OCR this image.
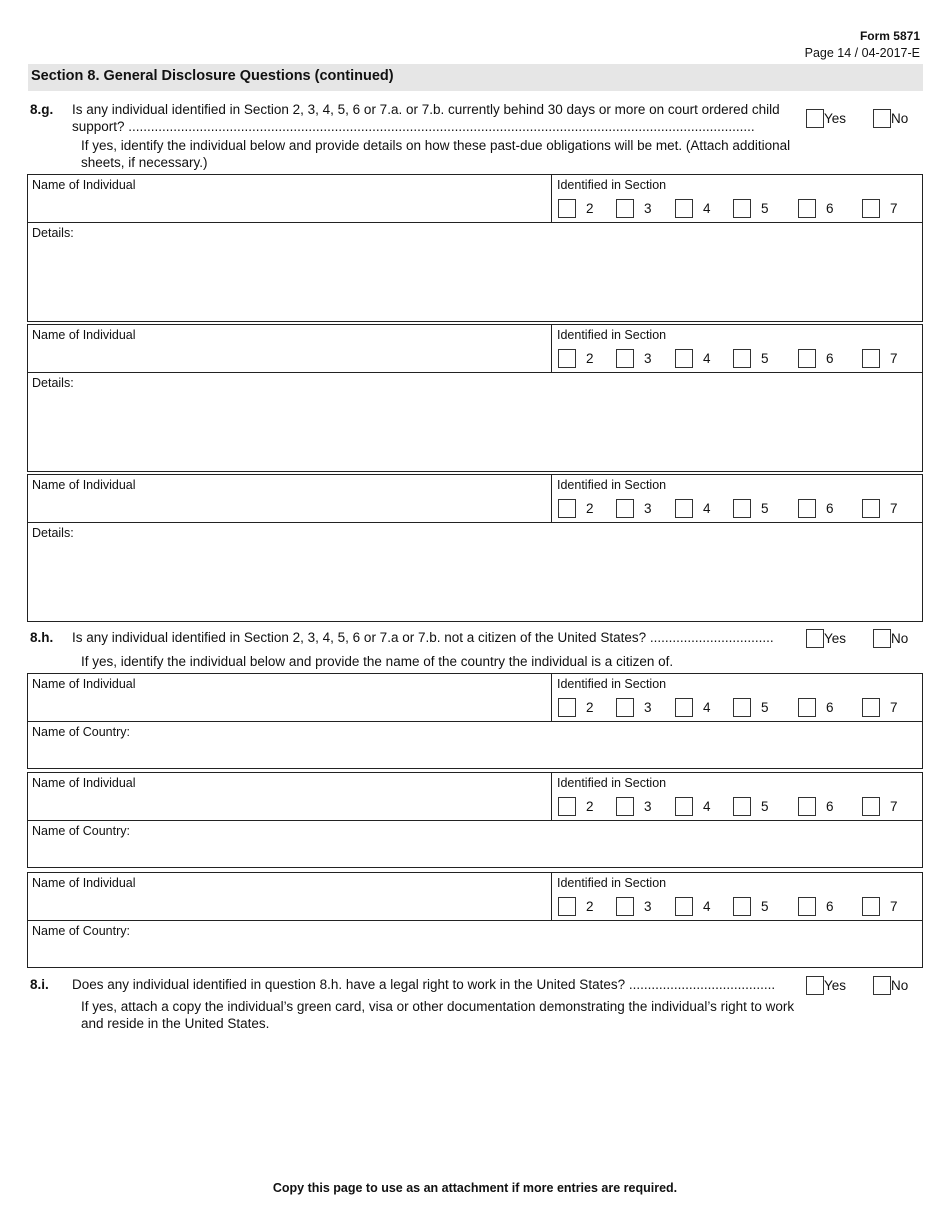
Form 5871
Page 14 / 04-2017-E
Section 8. General Disclosure Questions (continued)
8.g. Is any individual identified in Section 2, 3, 4, 5, 6 or 7.a. or 7.b. currently behind 30 days or more on court ordered child support? .......................................................................................................................................................................
Yes	No
If yes, identify the individual below and provide details on how these past-due obligations will be met. (Attach additional sheets, if necessary.)
Name of Individual	Identified in Section
2	3	4	5	6	7
Details:
Name of Individual	Identified in Section
2	3	4	5	6	7
Details:
Name of Individual	Identified in Section
2	3	4	5	6	7
Details:
8.h. Is any individual identified in Section 2, 3, 4, 5, 6 or 7.a or 7.b. not a citizen of the United States? .................................	Yes	No
If yes, identify the individual below and provide the name of the country the individual is a citizen of.
Name of Individual	Identified in Section
2	3	4	5	6	7
Name of Country:
Name of Individual	Identified in Section
2	3	4	5	6	7
Name of Country:
Name of Individual	Identified in Section
2	3	4	5	6	7
Name of Country:
8.i. Does any individual identified in question 8.h. have a legal right to work in the United States? .......................................	Yes	No
If yes, attach a copy the individual’s green card, visa or other documentation demonstrating the individual’s right to work and reside in the United States.
Copy this page to use as an attachment if more entries are required.
